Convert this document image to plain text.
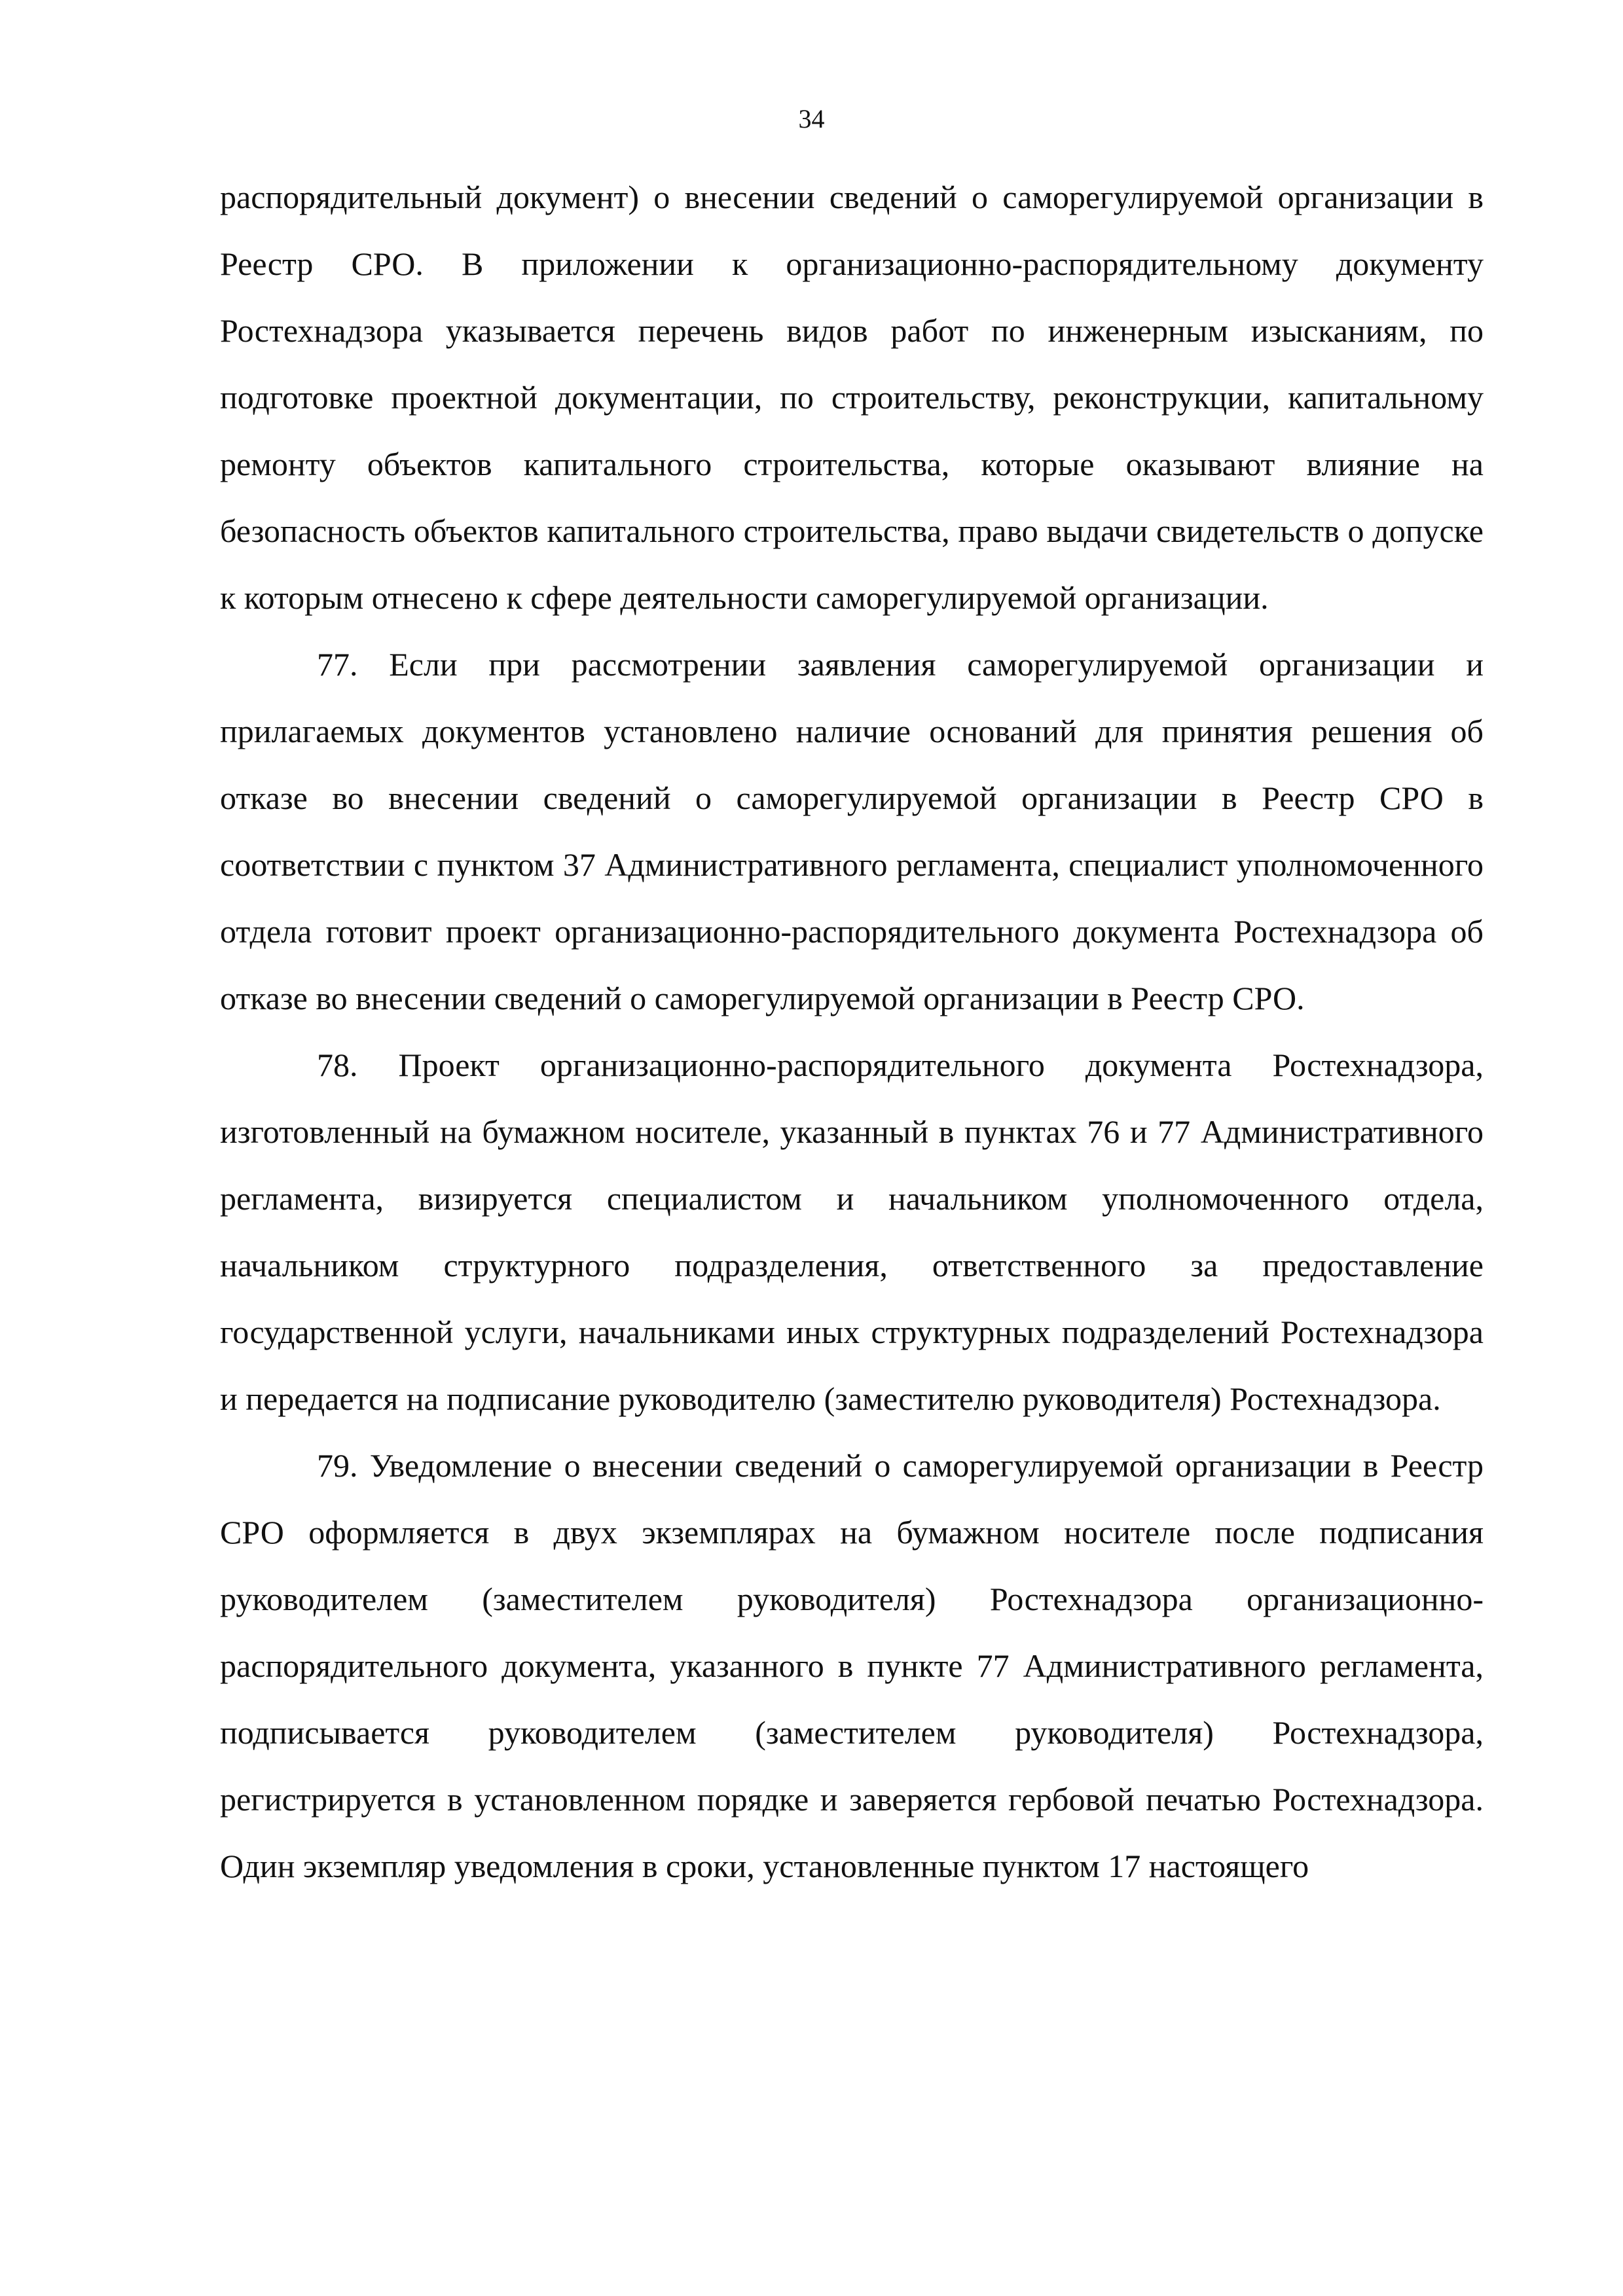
34

распорядительный документ) о внесении сведений о саморегулируемой организации в Реестр СРО. В приложении к организационно-распорядительному документу Ростехнадзора указывается перечень видов работ по инженерным изысканиям, по подготовке проектной документации, по строительству, реконструкции, капитальному ремонту объектов капитального строительства, которые оказывают влияние на безопасность объектов капитального строительства, право выдачи свидетельств о допуске к которым отнесено к сфере деятельности саморегулируемой организации.

77. Если при рассмотрении заявления саморегулируемой организации и прилагаемых документов установлено наличие оснований для принятия решения об отказе во внесении сведений о саморегулируемой организации в Реестр СРО в соответствии с пунктом 37 Административного регламента, специалист уполномоченного отдела готовит проект организационно-распорядительного документа Ростехнадзора об отказе во внесении сведений о саморегулируемой организации в Реестр СРО.

78. Проект организационно-распорядительного документа Ростехнадзора, изготовленный на бумажном носителе, указанный в пунктах 76 и 77 Административного регламента, визируется специалистом и начальником уполномоченного отдела, начальником структурного подразделения, ответственного за предоставление государственной услуги, начальниками иных структурных подразделений Ростехнадзора и передается на подписание руководителю (заместителю руководителя) Ростехнадзора.

79. Уведомление о внесении сведений о саморегулируемой организации в Реестр СРО оформляется в двух экземплярах на бумажном носителе после подписания руководителем (заместителем руководителя) Ростехнадзора организационно-распорядительного документа, указанного в пункте 77 Административного регламента, подписывается руководителем (заместителем руководителя) Ростехнадзора, регистрируется в установленном порядке и заверяется гербовой печатью Ростехнадзора. Один экземпляр уведомления в сроки, установленные пунктом 17 настоящего
